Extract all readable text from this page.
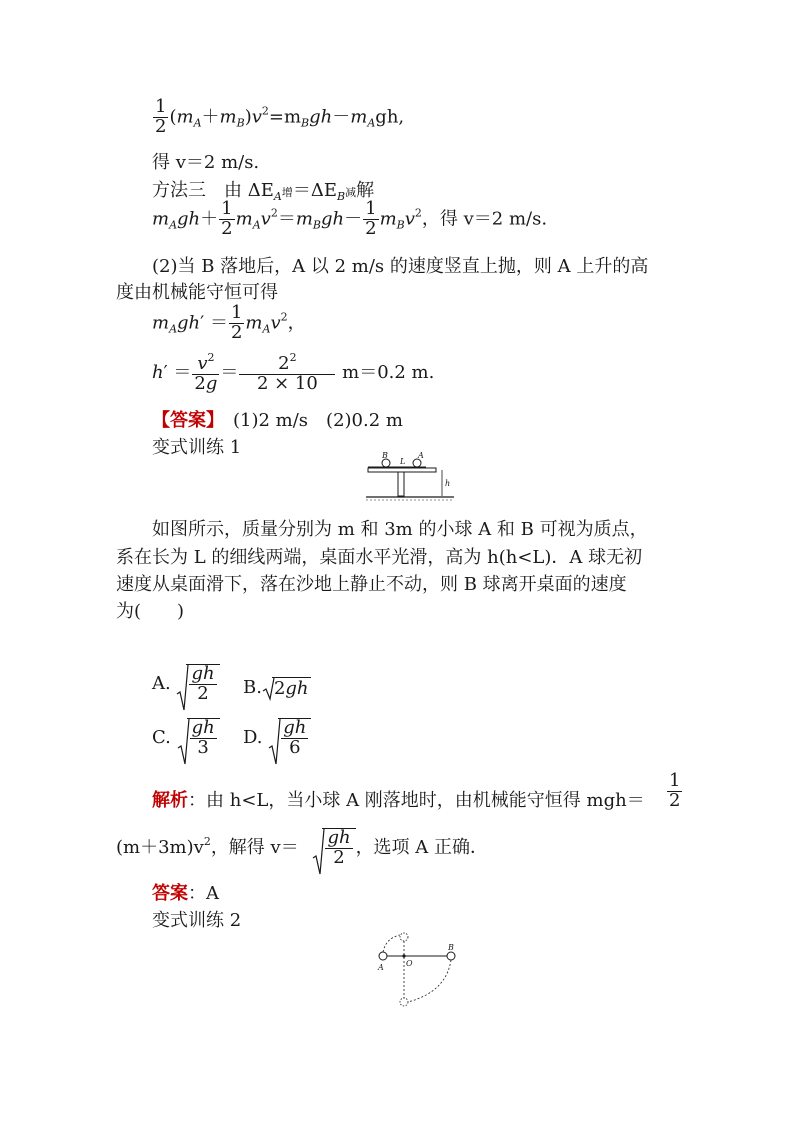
$\frac{1}{2} (m_A+m_B)v^2=m_Bgh-m_Agh$,
得 v＝2 m/s.
方法三　由 $\Delta E_A$增$=\Delta E_B$减解
$m_Agh+ \frac{1}{2} m_Av^2=m_Bgh- \frac{1}{2} m_Bv^2$，得 v＝2 m/s.
(2)当 B 落地后，A 以 2 m/s 的速度竖直上抛，则 A 上升的高
度由机械能守恒可得
$m_Agh' = \frac{1}{2} m_Av^2$，
$h' = \frac{v^2}{2g} = \frac{2^2}{2 \times 10} m=0.2$ m.
【答案】　 (1)2 m/s　(2)0.2 m
变式训练 1	B
L
A
h
如图所示，质量分别为 m 和 3m 的小球 A 和 B 可视为质点，
系在长为 L 的细线两端，桌面水平光滑，高为 h(h<L)．A 球无初
速度从桌面滑下，落在沙地上静止不动，则 B 球离开桌面的速度
为(　　)
A. $\frac{gh}{2} B$. 2gh
C. $\frac{gh}{3} D$. $\frac{gh}{6}$
解析：由 h<L，当小球 A 刚落地时，由机械能守恒得 $mgh= \frac{1}{2}$
$(m+3m)v^2$，解得 $v= \frac{gh}{2}$ ，选项 A 正确．
答案：A
变式训练 2
A	O
B
